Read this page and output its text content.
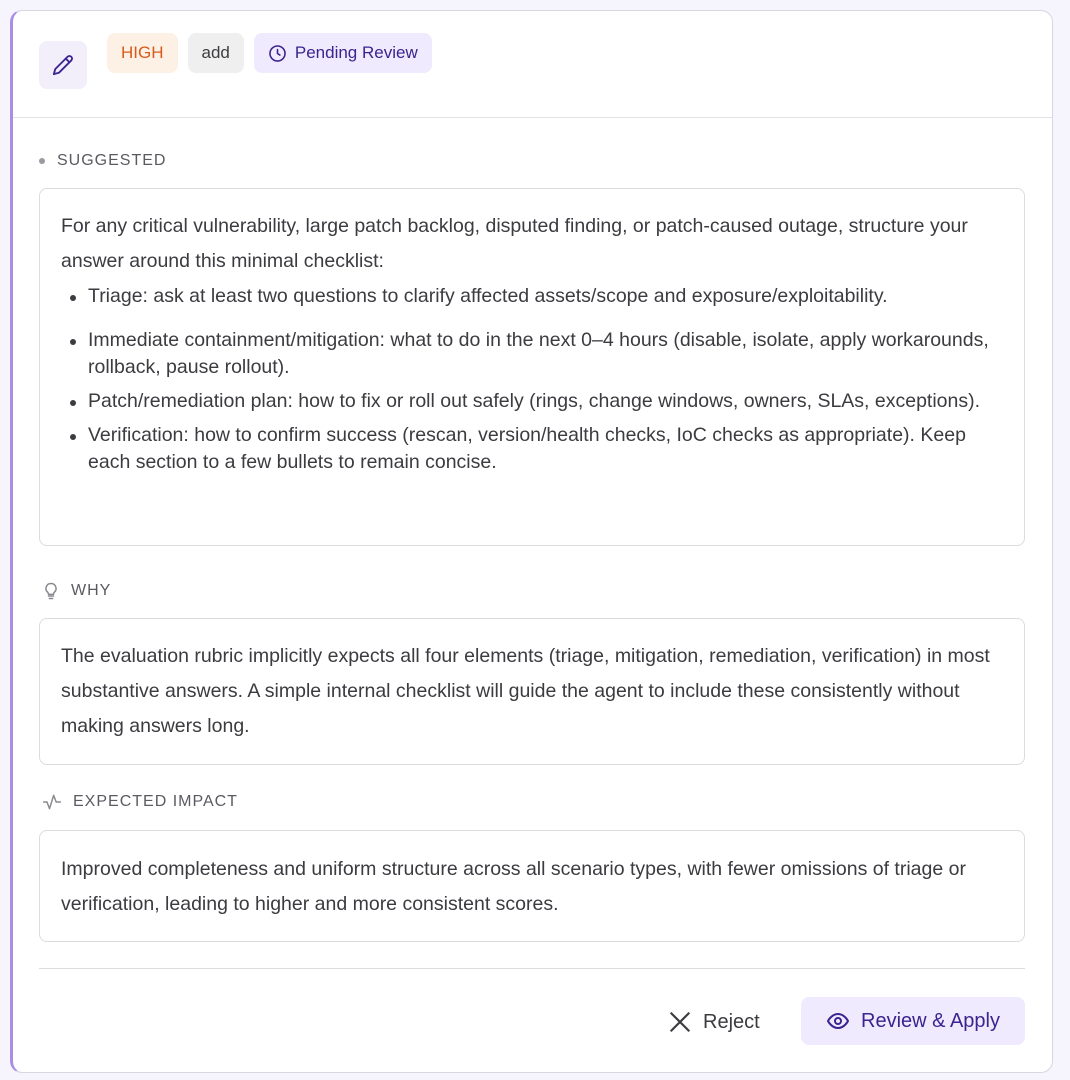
HIGH	add	Pending Review
SUGGESTED

For any critical vulnerability, large patch backlog, disputed finding, or patch-caused outage, structure your answer around this minimal checklist:

Triage: ask at least two questions to clarify affected assets/scope and exposure/exploitability.
Immediate containment/mitigation: what to do in the next 0–4 hours (disable, isolate, apply workarounds, rollback, pause rollout).
Patch/remediation plan: how to fix or roll out safely (rings, change windows, owners, SLAs, exceptions).
Verification: how to confirm success (rescan, version/health checks, IoC checks as appropriate). Keep each section to a few bullets to remain concise.
WHY

The evaluation rubric implicitly expects all four elements (triage, mitigation, remediation, verification) in most substantive answers. A simple internal checklist will guide the agent to include these consistently without making answers long.

EXPECTED IMPACT

Improved completeness and uniform structure across all scenario types, with fewer omissions of triage or verification, leading to higher and more consistent scores.

Reject	Review & Apply
